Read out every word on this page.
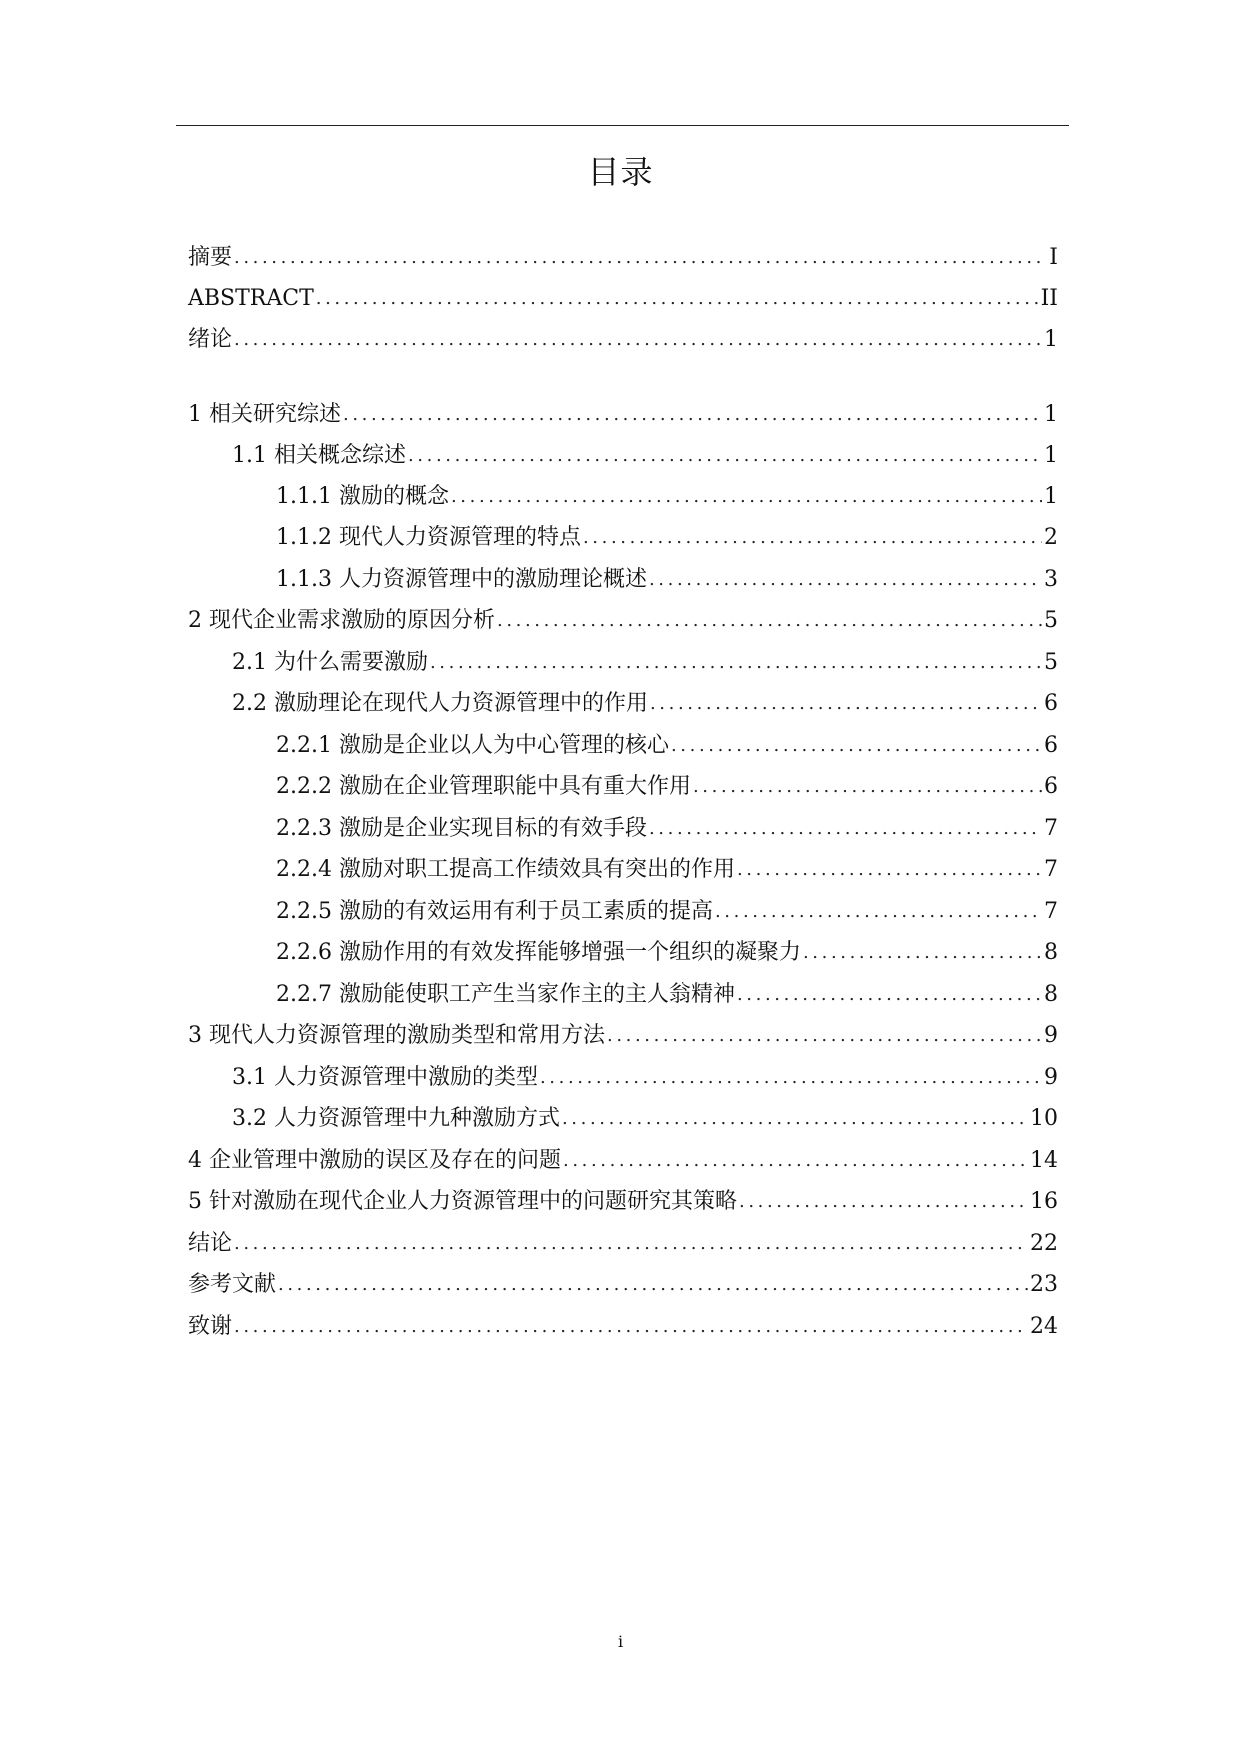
目录
摘要 .....	I
ABSTRACT .....	II
绪论 .....	1
1 相关研究综述 .....	1
1.1 相关概念综述 .....	1
1.1.1 激励的概念 .....	1
1.1.2 现代人力资源管理的特点 .....	2
1.1.3 人力资源管理中的激励理论概述 .....	3
2 现代企业需求激励的原因分析 .....	5
2.1 为什么需要激励 .....	5
2.2 激励理论在现代人力资源管理中的作用 .....	6
2.2.1 激励是企业以人为中心管理的核心 .....	6
2.2.2 激励在企业管理职能中具有重大作用 .....	6
2.2.3 激励是企业实现目标的有效手段 .....	7
2.2.4 激励对职工提高工作绩效具有突出的作用 .....	7
2.2.5 激励的有效运用有利于员工素质的提高 .....	7
2.2.6 激励作用的有效发挥能够增强一个组织的凝聚力 .....	8
2.2.7 激励能使职工产生当家作主的主人翁精神 .....	8
3 现代人力资源管理的激励类型和常用方法 .....	9
3.1 人力资源管理中激励的类型 .....	9
3.2 人力资源管理中九种激励方式 .....	10
4 企业管理中激励的误区及存在的问题 .....	14
5 针对激励在现代企业人力资源管理中的问题研究其策略 .....	16
结论 .....	22
参考文献 .....	23
致谢 .....	24
i
